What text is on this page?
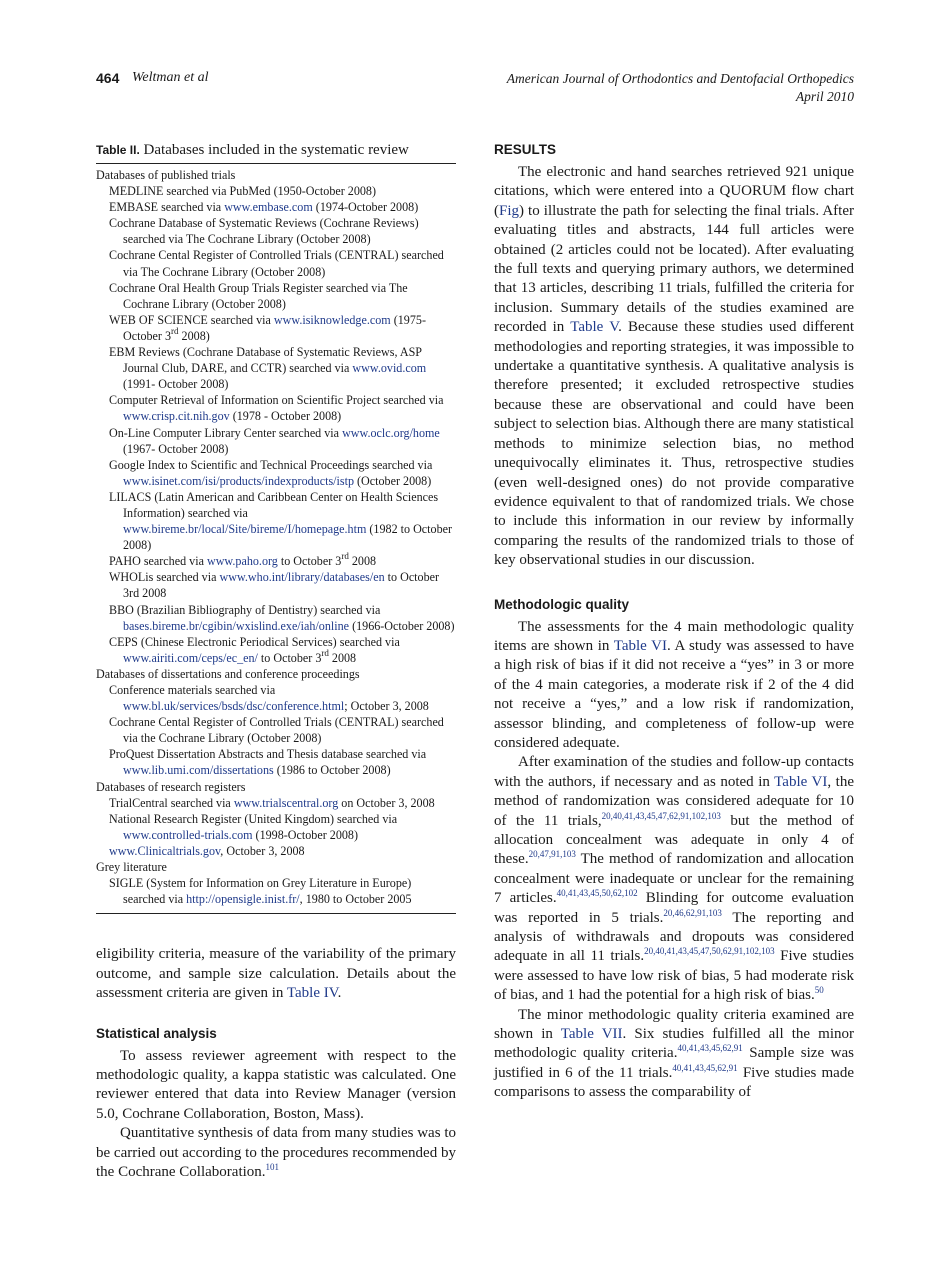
464 Weltman et al	American Journal of Orthodontics and Dentofacial Orthopedics
April 2010
Table II. Databases included in the systematic review
Databases of published trials
MEDLINE searched via PubMed (1950-October 2008)
EMBASE searched via www.embase.com (1974-October 2008)
Cochrane Database of Systematic Reviews (Cochrane Reviews) searched via The Cochrane Library (October 2008)
Cochrane Cental Register of Controlled Trials (CENTRAL) searched via The Cochrane Library (October 2008)
Cochrane Oral Health Group Trials Register searched via The Cochrane Library (October 2008)
WEB OF SCIENCE searched via www.isiknowledge.com (1975-October 3rd 2008)
EBM Reviews (Cochrane Database of Systematic Reviews, ASP Journal Club, DARE, and CCTR) searched via www.ovid.com (1991- October 2008)
Computer Retrieval of Information on Scientific Project searched via www.crisp.cit.nih.gov (1978 - October 2008)
On-Line Computer Library Center searched via www.oclc.org/home (1967- October 2008)
Google Index to Scientific and Technical Proceedings searched via www.isinet.com/isi/products/indexproducts/istp (October 2008)
LILACS (Latin American and Caribbean Center on Health Sciences Information) searched via www.bireme.br/local/Site/bireme/I/homepage.htm (1982 to October 2008)
PAHO searched via www.paho.org to October 3rd 2008
WHOLis searched via www.who.int/library/databases/en to October 3rd 2008
BBO (Brazilian Bibliography of Dentistry) searched via bases.bireme.br/cgibin/wxislind.exe/iah/online (1966-October 2008)
CEPS (Chinese Electronic Periodical Services) searched via www.airiti.com/ceps/ec_en/ to October 3rd 2008
Databases of dissertations and conference proceedings
Conference materials searched via www.bl.uk/services/bsds/dsc/conference.html; October 3, 2008
Cochrane Cental Register of Controlled Trials (CENTRAL) searched via the Cochrane Library (October 2008)
ProQuest Dissertation Abstracts and Thesis database searched via www.lib.umi.com/dissertations (1986 to October 2008)
Databases of research registers
TrialCentral searched via www.trialscentral.org on October 3, 2008
National Research Register (United Kingdom) searched via www.controlled-trials.com (1998-October 2008)
www.Clinicaltrials.gov, October 3, 2008
Grey literature
SIGLE (System for Information on Grey Literature in Europe) searched via http://opensigle.inist.fr/, 1980 to October 2005

eligibility criteria, measure of the variability of the primary outcome, and sample size calculation. Details about the assessment criteria are given in Table IV.

Statistical analysis

To assess reviewer agreement with respect to the methodologic quality, a kappa statistic was calculated. One reviewer entered that data into Review Manager (version 5.0, Cochrane Collaboration, Boston, Mass).

Quantitative synthesis of data from many studies was to be carried out according to the procedures recommended by the Cochrane Collaboration.$^{101}$

RESULTS

The electronic and hand searches retrieved 921 unique citations, which were entered into a QUORUM flow chart (Fig) to illustrate the path for selecting the final trials. After evaluating titles and abstracts, 144 full articles were obtained (2 articles could not be located). After evaluating the full texts and querying primary authors, we determined that 13 articles, describing 11 trials, fulfilled the criteria for inclusion. Summary details of the studies examined are recorded in Table V. Because these studies used different methodologies and reporting strategies, it was impossible to undertake a quantitative synthesis. A qualitative analysis is therefore presented; it excluded retrospective studies because these are observational and could have been subject to selection bias. Although there are many statistical methods to minimize selection bias, no method unequivocally eliminates it. Thus, retrospective studies (even well-designed ones) do not provide comparative evidence equivalent to that of randomized trials. We chose to include this information in our review by informally comparing the results of the randomized trials to those of key observational studies in our discussion.

Methodologic quality

The assessments for the 4 main methodologic quality items are shown in Table VI. A study was assessed to have a high risk of bias if it did not receive a “yes” in 3 or more of the 4 main categories, a moderate risk if 2 of the 4 did not receive a “yes,” and a low risk if randomization, assessor blinding, and completeness of follow-up were considered adequate.

After examination of the studies and follow-up contacts with the authors, if necessary and as noted in Table VI, the method of randomization was considered adequate for 10 of the 11 trials,$^{20,40,41,43,45,47,62,91,102,103}$ but the method of allocation concealment was adequate in only 4 of these.$^{20,47,91,103}$ The method of randomization and allocation concealment were inadequate or unclear for the remaining 7 articles.$^{40,41,43,45,50,62,102}$ Blinding for outcome evaluation was reported in 5 trials.$^{20,46,62,91,103}$ The reporting and analysis of withdrawals and dropouts was considered adequate in all 11 trials.$^{20,40,41,43,45,47,50,62,91,102,103}$ Five studies were assessed to have low risk of bias, 5 had moderate risk of bias, and 1 had the potential for a high risk of bias.$^{50}$

The minor methodologic quality criteria examined are shown in Table VII. Six studies fulfilled all the minor methodologic quality criteria.$^{40,41,43,45,62,91}$ Sample size was justified in 6 of the 11 trials.$^{40,41,43,45,62,91}$ Five studies made comparisons to assess the comparability of
